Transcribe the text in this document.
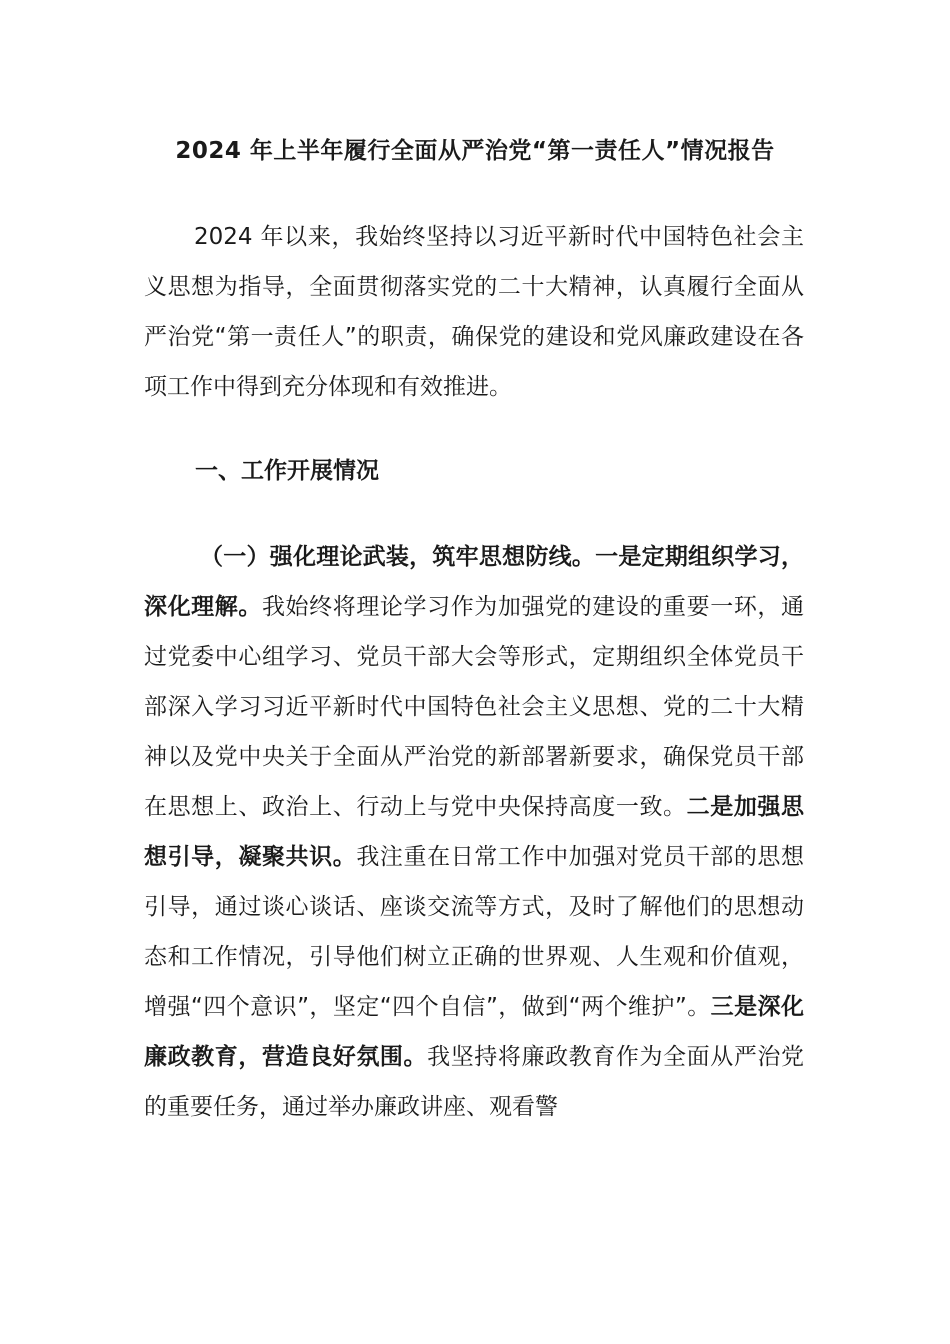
2024 年上半年履行全面从严治党“第一责任人”情况报告
2024 年以来，我始终坚持以习近平新时代中国特色社会主义思想为指导，全面贯彻落实党的二十大精神，认真履行全面从严治党“第一责任人”的职责，确保党的建设和党风廉政建设在各项工作中得到充分体现和有效推进。
一、工作开展情况
（一）强化理论武装，筑牢思想防线。一是定期组织学习，深化理解。我始终将理论学习作为加强党的建设的重要一环，通过党委中心组学习、党员干部大会等形式，定期组织全体党员干部深入学习习近平新时代中国特色社会主义思想、党的二十大精神以及党中央关于全面从严治党的新部署新要求，确保党员干部在思想上、政治上、行动上与党中央保持高度一致。二是加强思想引导，凝聚共识。我注重在日常工作中加强对党员干部的思想引导，通过谈心谈话、座谈交流等方式，及时了解他们的思想动态和工作情况，引导他们树立正确的世界观、人生观和价值观，增强“四个意识”，坚定“四个自信”，做到“两个维护”。三是深化廉政教育，营造良好氛围。我坚持将廉政教育作为全面从严治党的重要任务，通过举办廉政讲座、观看警
